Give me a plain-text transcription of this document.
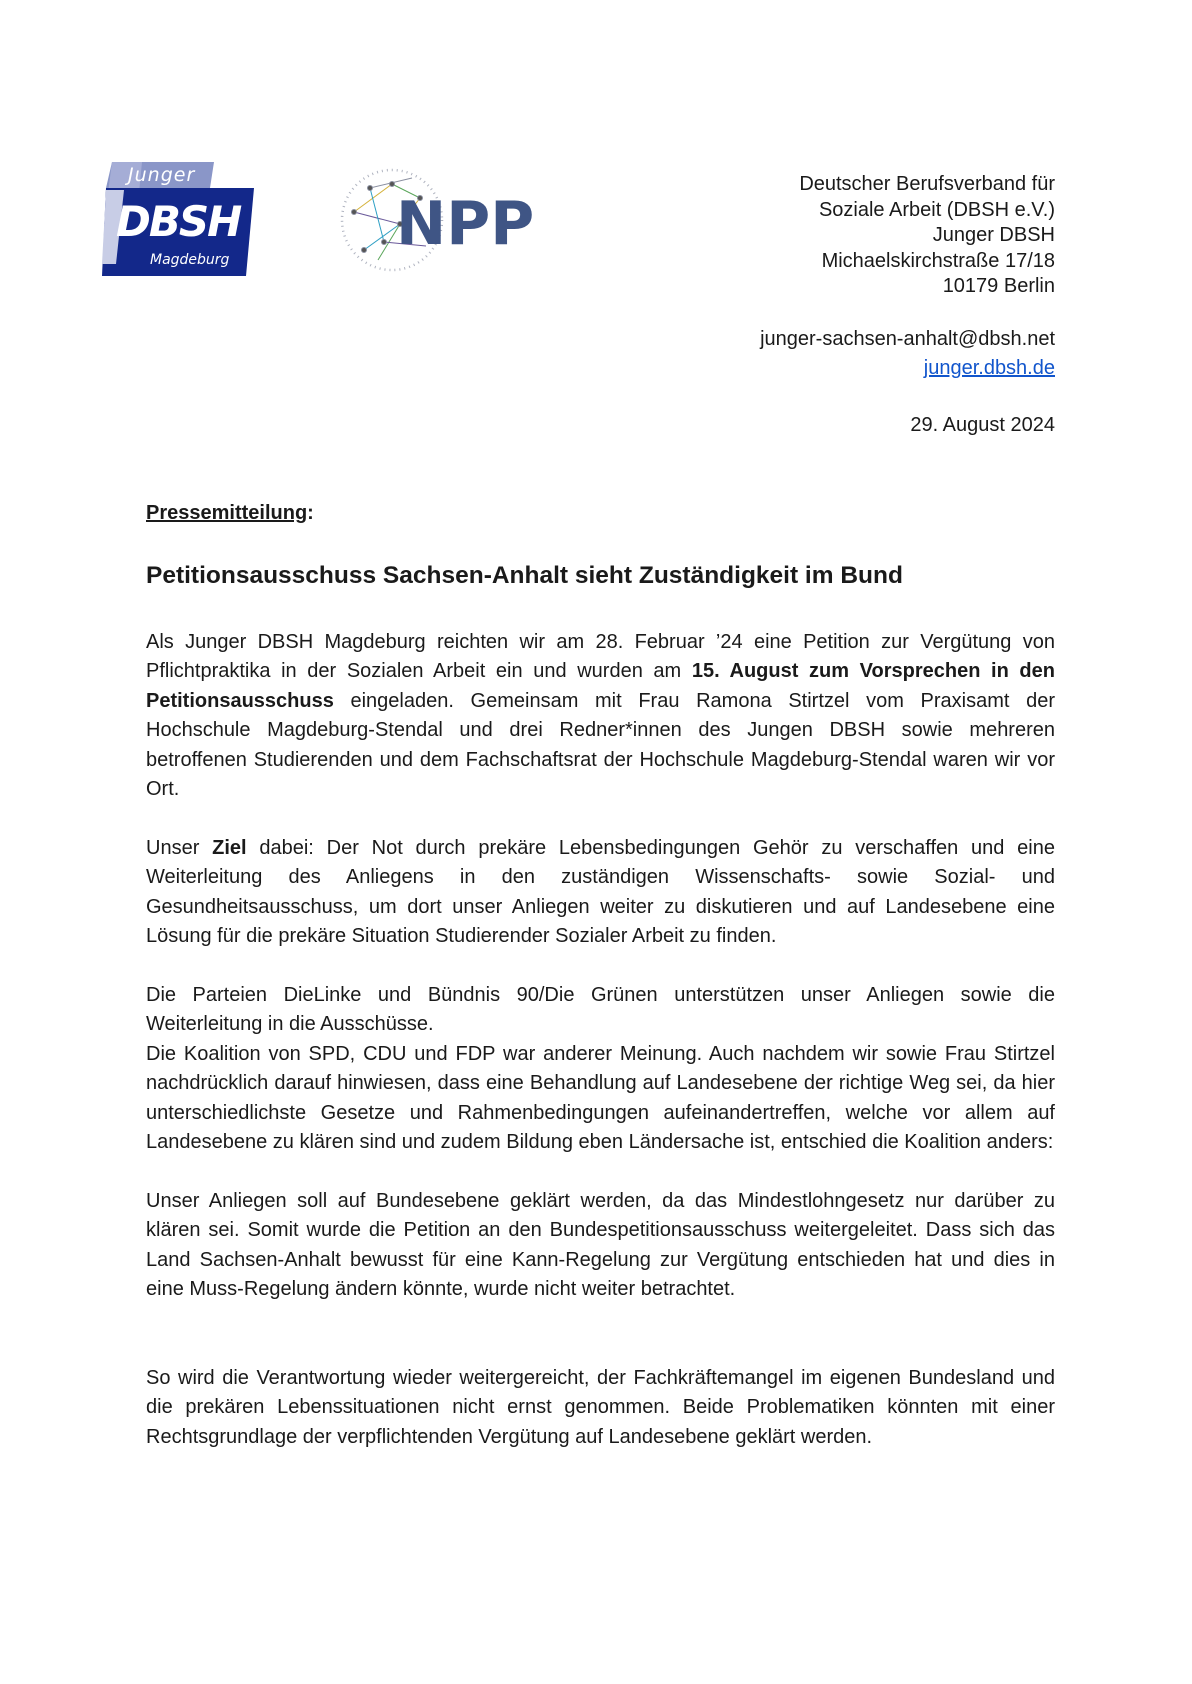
Junger
DBSH
Magdeburg
NPP
Deutscher Berufsverband für
Soziale Arbeit (DBSH e.V.)
Junger DBSH
Michaelskirchstraße 17/18
10179 Berlin
junger-sachsen-anhalt@dbsh.net
junger.dbsh.de
29. August 2024
Pressemitteilung:
Petitionsausschuss Sachsen-Anhalt sieht Zuständigkeit im Bund

Als Junger DBSH Magdeburg reichten wir am 28. Februar ’24 eine Petition zur Vergütung von Pflichtpraktika in der Sozialen Arbeit ein und wurden am 15. August zum Vorsprechen in den Petitionsausschuss eingeladen. Gemeinsam mit Frau Ramona Stirtzel vom Praxisamt der Hochschule Magdeburg-Stendal und drei Redner*innen des Jungen DBSH sowie mehreren betroffenen Studierenden und dem Fachschaftsrat der Hochschule Magdeburg-Stendal waren wir vor Ort.

Unser Ziel dabei: Der Not durch prekäre Lebensbedingungen Gehör zu verschaffen und eine Weiterleitung des Anliegens in den zuständigen Wissenschafts- sowie Sozial- und Gesundheitsausschuss, um dort unser Anliegen weiter zu diskutieren und auf Landesebene eine Lösung für die prekäre Situation Studierender Sozialer Arbeit zu finden.

Die Parteien DieLinke und Bündnis 90/Die Grünen unterstützen unser Anliegen sowie die Weiterleitung in die Ausschüsse.

Die Koalition von SPD, CDU und FDP war anderer Meinung. Auch nachdem wir sowie Frau Stirtzel nachdrücklich darauf hinwiesen, dass eine Behandlung auf Landesebene der richtige Weg sei, da hier unterschiedlichste Gesetze und Rahmenbedingungen aufeinandertreffen, welche vor allem auf Landesebene zu klären sind und zudem Bildung eben Ländersache ist, entschied die Koalition anders:

Unser Anliegen soll auf Bundesebene geklärt werden, da das Mindestlohngesetz nur darüber zu klären sei. Somit wurde die Petition an den Bundespetitionsausschuss weitergeleitet. Dass sich das Land Sachsen-Anhalt bewusst für eine Kann-Regelung zur Vergütung entschieden hat und dies in eine Muss-Regelung ändern könnte, wurde nicht weiter betrachtet.

So wird die Verantwortung wieder weitergereicht, der Fachkräftemangel im eigenen Bundesland und die prekären Lebenssituationen nicht ernst genommen. Beide Problematiken könnten mit einer Rechtsgrundlage der verpflichtenden Vergütung auf Landesebene geklärt werden.
